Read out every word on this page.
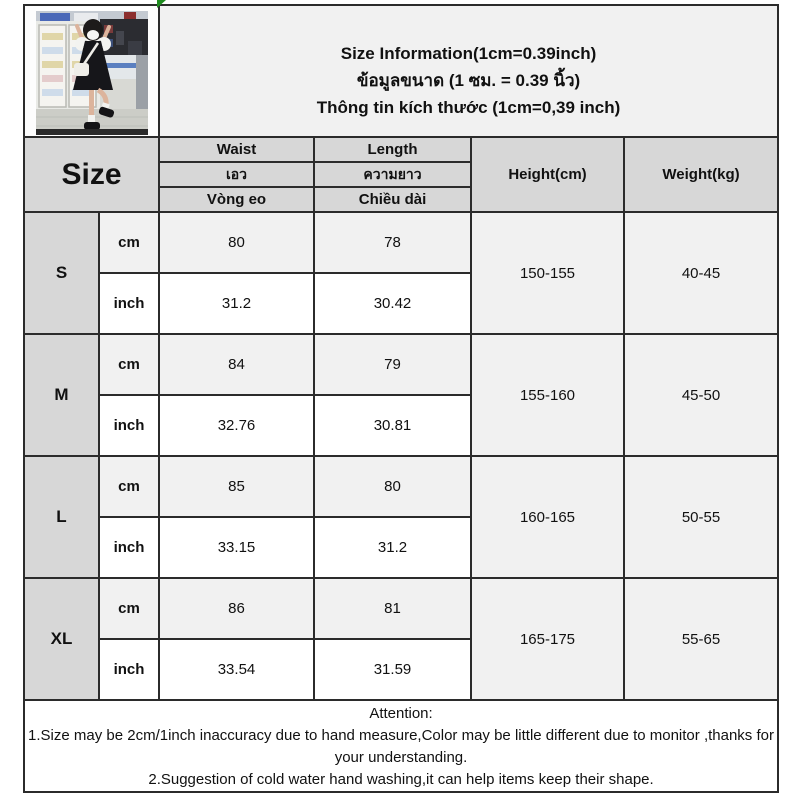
Size Information(1cm=0.39inch)
ข้อมูลขนาด (1 ซม. = 0.39 นิ้ว)
Thông tin kích thước (1cm=0,39 inch)			

Size		Waist	Length	Height(cm)	Weight(kg)
		เอว	ความยาว		
		Vòng eo	Chiều dài		
S	cm	80	78	150-155	40-45
	inch	31.2	30.42		
M	cm	84	79	155-160	45-50
	inch	32.76	30.81		
L	cm	85	80	160-165	50-55
	inch	33.15	31.2		
XL	cm	86	81	165-175	55-65
	inch	33.54	31.59		

Attention:
1.Size may be 2cm/1inch inaccuracy due to hand measure,Color may be little different due to monitor ,thanks for your understanding.
2.Suggestion of cold water hand washing,it can help items keep their shape.					
